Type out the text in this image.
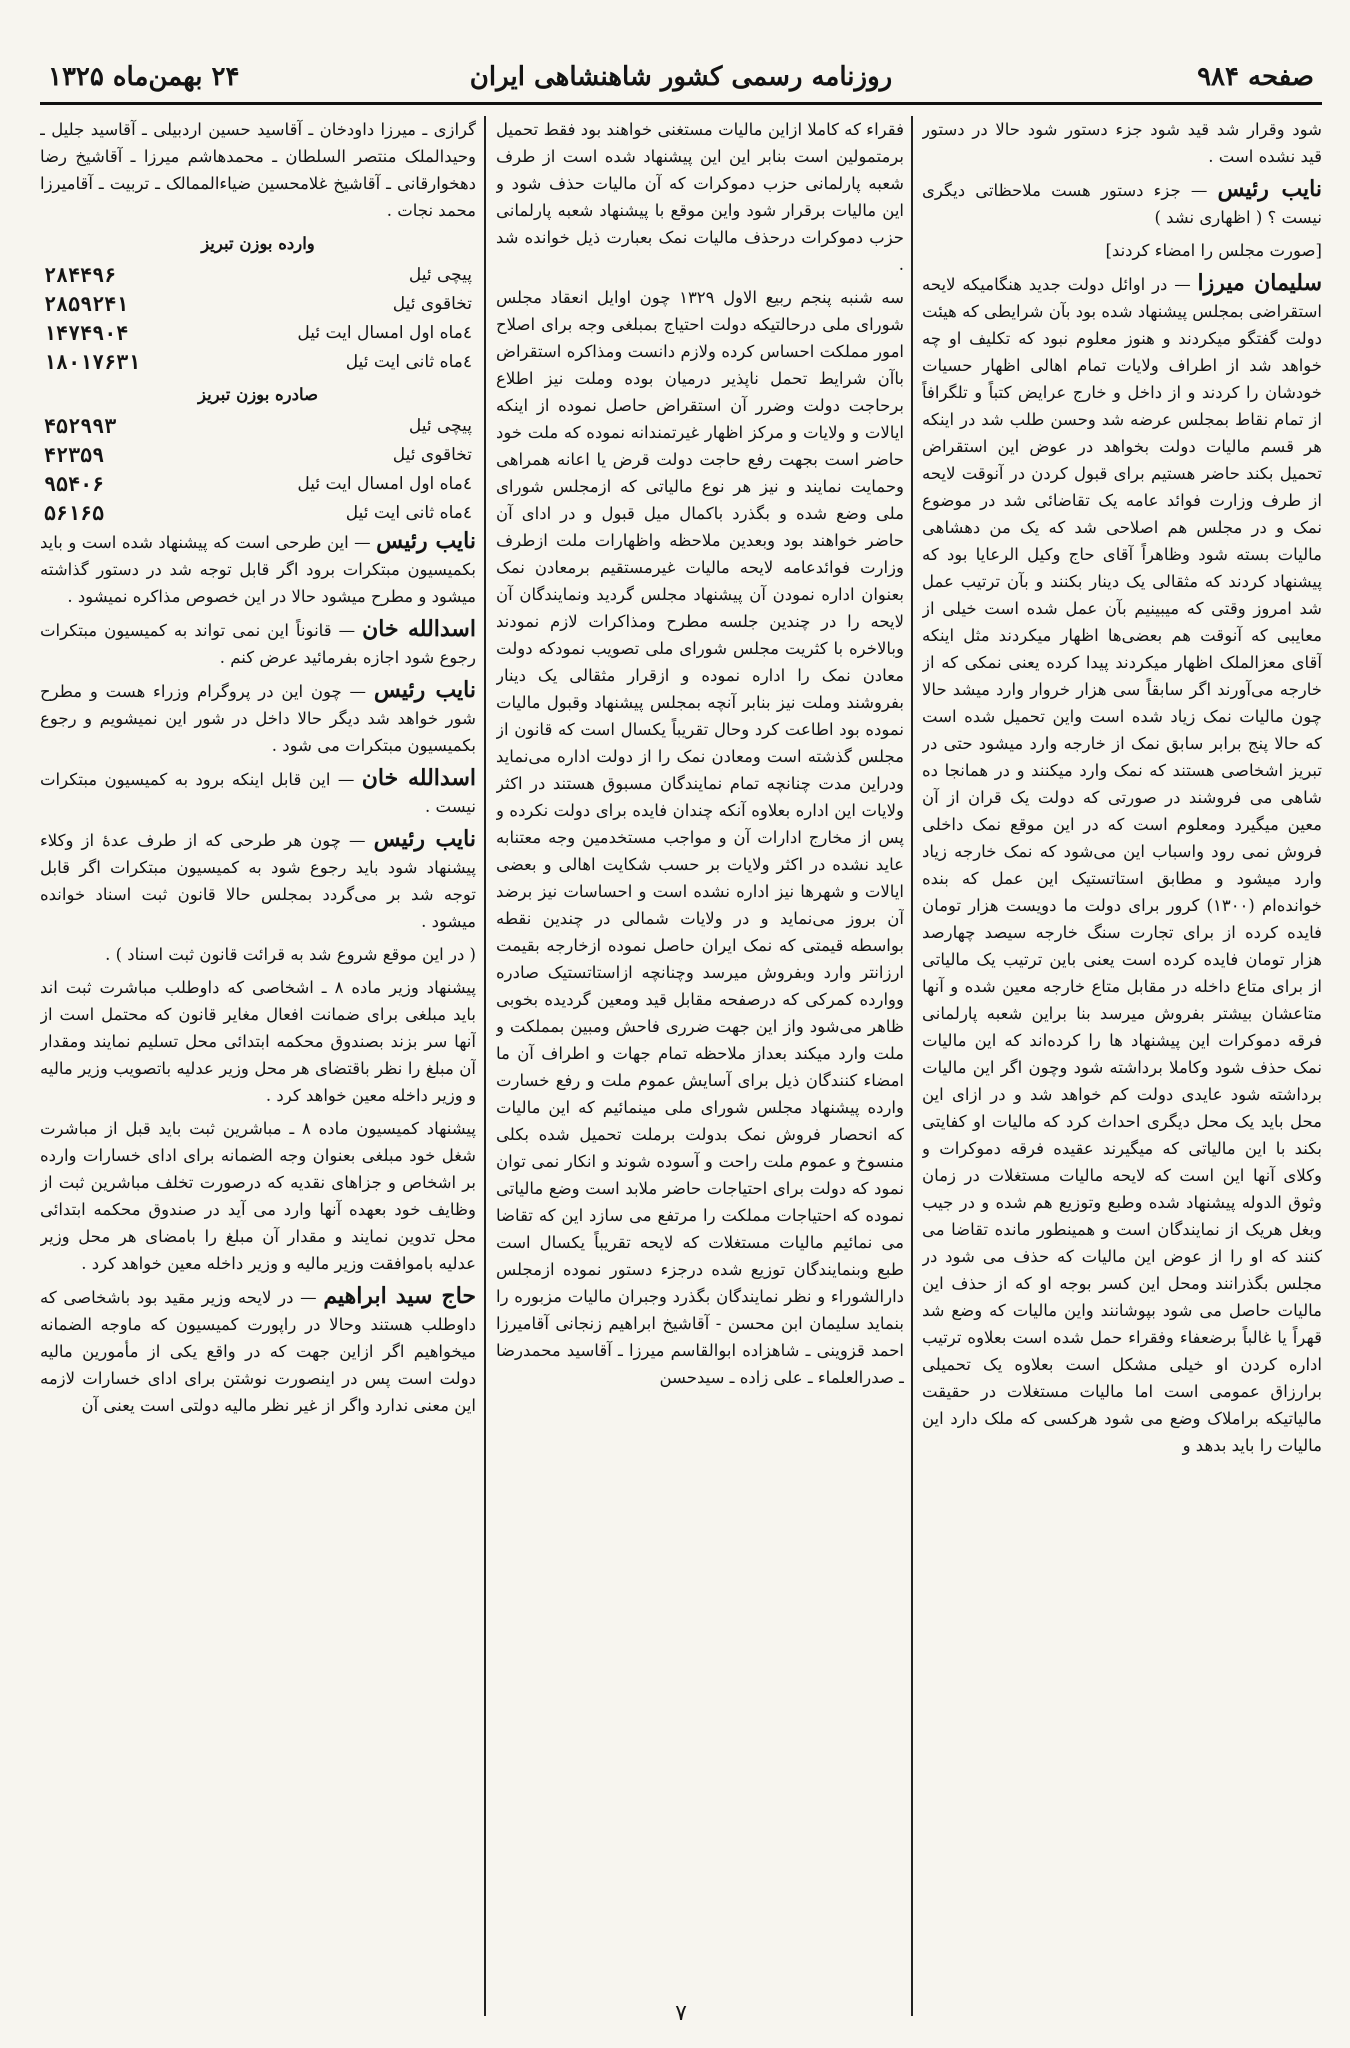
صفحه ۹۸۴
روزنامه رسمی کشور شاهنشاهی ایران
۲۴ بهمن‌ماه ۱۳۲۵

شود وقرار شد قید شود جزء دستور شود حالا در دستور قید نشده است .

نایب رئیس — جزء دستور هست ملاحظاتی دیگری نیست ؟ ( اظهاری نشد )

[صورت مجلس را امضاء کردند]

سلیمان میرزا — در اوائل دولت جدید هنگامیکه لایحه استقراضی بمجلس پیشنهاد شده بود بآن شرایطی که هیئت دولت گفتگو میکردند و هنوز معلوم نبود که تکلیف او چه خواهد شد از اطراف ولایات تمام اهالی اظهار حسیات خودشان را کردند و از داخل و خارج عرایض کتباً و تلگرافاً از تمام نقاط بمجلس عرضه شد وحسن طلب شد در اینکه هر قسم مالیات دولت بخواهد در عوض این استقراض تحمیل بکند حاضر هستیم برای قبول کردن در آنوقت لایحه از طرف وزارت فوائد عامه یک تقاضائی شد در موضوع نمک و در مجلس هم اصلاحی شد که یک من دهشاهی مالیات بسته شود وظاهراً آقای حاج وکیل الرعایا بود که پیشنهاد کردند که مثقالی یک دینار بکنند و بآن ترتیب عمل شد امروز وقتی که میبینیم بآن عمل شده است خیلی از معایبی که آنوقت هم بعضی‌ها اظهار میکردند مثل اینکه آقای معزالملک اظهار میکردند پیدا کرده یعنی نمکی که از خارجه می‌آورند اگر سابقاً سی هزار خروار وارد میشد حالا چون مالیات نمک زیاد شده است واین تحمیل شده است که حالا پنج برابر سابق نمک از خارجه وارد میشود حتی در تبریز اشخاصی هستند که نمک وارد میکنند و در همانجا ده شاهی می فروشند در صورتی که دولت یک قران از آن معین میگیرد ومعلوم است که در این موقع نمک داخلی فروش نمی رود واسباب این می‌شود که نمک خارجه زیاد وارد میشود و مطابق استاتستیک این عمل که بنده خوانده‌ام (۱۳۰۰) کرور برای دولت ما دویست هزار تومان فایده کرده از برای تجارت سنگ خارجه سیصد چهارصد هزار تومان فایده کرده است یعنی باین ترتیب یک مالیاتی از برای متاع داخله در مقابل متاع خارجه معین شده و آنها متاعشان بیشتر بفروش میرسد بنا براین شعبه پارلمانی فرقه دموکرات این پیشنهاد ها را کرده‌اند که این مالیات نمک حذف شود وکاملا برداشته شود وچون اگر این مالیات برداشته شود عایدی دولت کم خواهد شد و در ازای این محل باید یک محل دیگری احداث کرد که مالیات او کفایتی بکند با این مالیاتی که میگیرند عقیده فرقه دموکرات و وکلای آنها این است که لایحه مالیات مستغلات در زمان وثوق الدوله پیشنهاد شده وطبع وتوزیع هم شده و در جیب وبغل هریک از نمایندگان است و همینطور مانده تقاضا می کنند که او را از عوض این مالیات که حذف می شود در مجلس بگذرانند ومحل این کسر بوجه او که از حذف این مالیات حاصل می شود بپوشانند واین مالیات که وضع شد قهراً یا غالباً برضعفاء وفقراء حمل شده است بعلاوه ترتیب اداره کردن او خیلی مشکل است بعلاوه یک تحمیلی برارزاق عمومی است اما مالیات مستغلات در حقیقت مالیاتیکه براملاک وضع می شود هرکسی که ملک دارد این مالیات را باید بدهد و

فقراء که کاملا ازاین مالیات مستغنی خواهند بود فقط تحمیل برمتمولین است بنابر این این پیشنهاد شده است از طرف شعبه پارلمانی حزب دموکرات که آن مالیات حذف شود و این مالیات برقرار شود واین موقع با پیشنهاد شعبه پارلمانی حزب دموکرات درحذف مالیات نمک بعبارت ذیل خوانده شد .

سه شنبه پنجم ربیع الاول ۱۳۲۹ چون اوایل انعقاد مجلس شورای ملی درحالتیکه دولت احتیاج بمبلغی وجه برای اصلاح امور مملکت احساس کرده ولازم دانست ومذاکره استقراض باآن شرایط تحمل ناپذیر درمیان بوده وملت نیز اطلاع برحاجت دولت وضرر آن استقراض حاصل نموده از اینکه ایالات و ولایات و مرکز اظهار غیرتمندانه نموده که ملت خود حاضر است بجهت رفع حاجت دولت قرض یا اعانه همراهی وحمایت نمایند و نیز هر نوع مالیاتی که ازمجلس شورای ملی وضع شده و بگذرد باکمال میل قبول و در ادای آن حاضر خواهند بود وبعدین ملاحظه واظهارات ملت ازطرف وزارت فوائدعامه لایحه مالیات غیرمستقیم برمعادن نمک بعنوان اداره نمودن آن پیشنهاد مجلس گردید ونمایندگان آن لایحه را در چندین جلسه مطرح ومذاکرات لازم نمودند وبالاخره با کثریت مجلس شورای ملی تصویب نمودکه دولت معادن نمک را اداره نموده و ازقرار مثقالی یک دینار بفروشند وملت نیز بنابر آنچه بمجلس پیشنهاد وقبول مالیات نموده بود اطاعت کرد وحال تقریباً یکسال است که قانون از مجلس گذشته است ومعادن نمک را از دولت اداره می‌نماید ودراین مدت چنانچه تمام نمایندگان مسبوق هستند در اکثر ولایات این اداره بعلاوه آنکه چندان فایده برای دولت نکرده و پس از مخارج ادارات آن و مواجب مستخدمین وجه معتنابه عاید نشده در اکثر ولایات بر حسب شکایت اهالی و بعضی ایالات و شهرها نیز اداره نشده است و احساسات نیز برضد آن بروز می‌نماید و در ولایات شمالی در چندین نقطه بواسطه قیمتی که نمک ایران حاصل نموده ازخارجه بقیمت ارزانتر وارد وبفروش میرسد وچنانچه ازاستاتستیک صادره ووارده کمرکی که درصفحه مقابل قید ومعین گردیده بخوبی ظاهر می‌شود واز این جهت ضرری فاحش ومبین بمملکت و ملت وارد میکند بعداز ملاحظه تمام جهات و اطراف آن ما امضاء کنندگان ذیل برای آسایش عموم ملت و رفع خسارت وارده پیشنهاد مجلس شورای ملی مینمائیم که این مالیات که انحصار فروش نمک بدولت برملت تحمیل شده بکلی منسوخ و عموم ملت راحت و آسوده شوند و انکار نمی توان نمود که دولت برای احتیاجات حاضر ملابد است وضع مالیاتی نموده که احتیاجات مملکت را مرتفع می سازد این که تقاضا می نمائیم مالیات مستغلات که لایحه تقریباً یکسال است طبع وبنمایندگان توزیع شده درجزء دستور نموده ازمجلس دارالشوراء و نظر نمایندگان بگذرد وجبران مالیات مزبوره را بنماید سلیمان ابن محسن - آقاشیخ ابراهیم زنجانی آقامیرزا احمد قزوینی ـ شاهزاده ابوالقاسم میرزا ـ آقاسید محمدرضا ـ صدرالعلماء ـ علی زاده ـ سیدحسن

گرازی ـ میرزا داودخان ـ آقاسید حسین اردبیلی ـ آقاسید جلیل ـ وحیدالملک منتصر السلطان ـ محمدهاشم میرزا ـ آقاشیخ رضا دهخوارقانی ـ آقاشیخ غلامحسین ضیاءالممالک ـ تربیت ـ آقامیرزا محمد نجات .

وارده بوزن تبریز
پیچی ئیل	۲۸۴۴۹۶
تخاقوی ئیل	۲۸۵۹۲۴۱
٤ماه اول امسال ایت ئیل	۱۴۷۴۹۰۴
٤ماه ثانی ایت ئیل	۱۸۰۱۷۶۳۱
صادره بوزن تبریز
پیچی ئیل	۴۵۲۹۹۳
تخاقوی ئیل	۴۲۳۵۹
٤ماه اول امسال ایت ئیل	۹۵۴۰۶
٤ماه ثانی ایت ئیل	۵۶۱۶۵

نایب رئیس — این طرحی است که پیشنهاد شده است و باید بکمیسیون مبتکرات برود اگر قابل توجه شد در دستور گذاشته میشود و مطرح میشود حالا در این خصوص مذاکره نمیشود .

اسدالله خان — قانوناً این نمی تواند به کمیسیون مبتکرات رجوع شود اجازه بفرمائید عرض کنم .

نایب رئیس — چون این در پروگرام وزراء هست و مطرح شور خواهد شد دیگر حالا داخل در شور این نمیشویم و رجوع بکمیسیون مبتکرات می شود .

اسدالله خان — این قابل اینکه برود به کمیسیون مبتکرات نیست .

نایب رئیس — چون هر طرحی که از طرف عدۀ از وکلاء پیشنهاد شود باید رجوع شود به کمیسیون مبتکرات اگر قابل توجه شد بر می‌گردد بمجلس حالا قانون ثبت اسناد خوانده میشود .

( در این موقع شروع شد به قرائت قانون ثبت اسناد ) .

پیشنهاد وزیر ماده ۸ ـ اشخاصی که داوطلب مباشرت ثبت اند باید مبلغی برای ضمانت افعال مغایر قانون که محتمل است از آنها سر بزند بصندوق محکمه ابتدائی محل تسلیم نمایند ومقدار آن مبلغ را نظر باقتضای هر محل وزیر عدلیه باتصویب وزیر مالیه و وزیر داخله معین خواهد کرد .

پیشنهاد کمیسیون ماده ۸ ـ مباشرین ثبت باید قبل از مباشرت شغل خود مبلغی بعنوان وجه الضمانه برای ادای خسارات وارده بر اشخاص و جزاهای نقدیه که درصورت تخلف مباشرین ثبت از وظایف خود بعهده آنها وارد می آید در صندوق محکمه ابتدائی محل تدوین نمایند و مقدار آن مبلغ را بامضای هر محل وزیر عدلیه باموافقت وزیر مالیه و وزیر داخله معین خواهد کرد .

حاج سید ابراهیم — در لایحه وزیر مقید بود باشخاصی که داوطلب هستند وحالا در راپورت کمیسیون که ماوجه الضمانه میخواهیم اگر ازاین جهت که در واقع یکی از مأمورین مالیه دولت است پس در اینصورت نوشتن برای ادای خسارات لازمه این معنی ندارد واگر از غیر نظر مالیه دولتی است یعنی آن

۷
